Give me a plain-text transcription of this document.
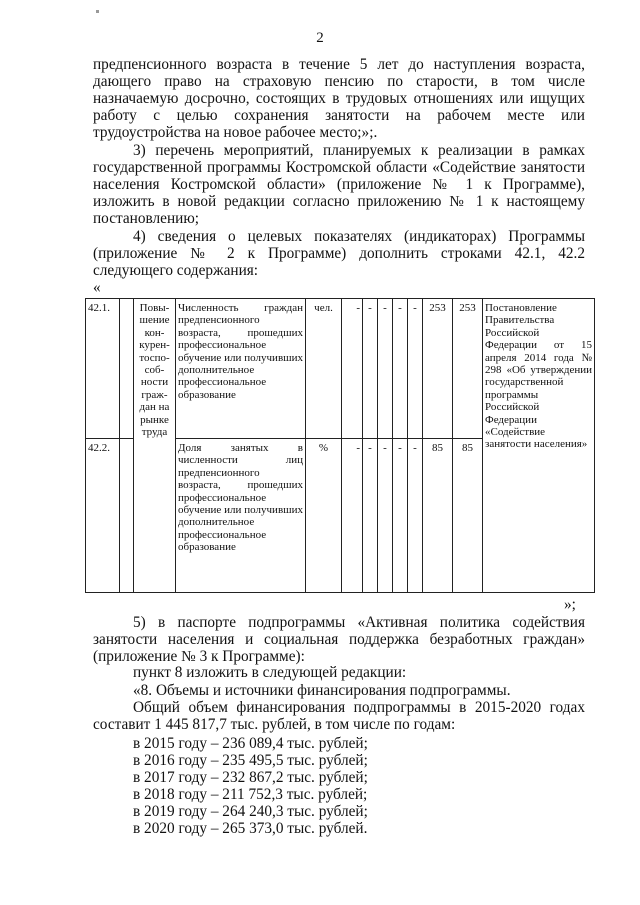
2

предпенсионного возраста в течение 5 лет до наступления возраста, дающего право на страховую пенсию по старости, в том числе назначаемую досрочно, состоящих в трудовых отношениях или ищущих работу с целью сохранения занятости на рабочем месте или трудоустройства на новое рабочее место;»;.

3) перечень мероприятий, планируемых к реализации в рамках государственной программы Костромской области «Содействие занятости населения Костромской области» (приложение № 1 к Программе), изложить в новой редакции согласно приложению № 1 к настоящему постановлению;

4) сведения о целевых показателях (индикаторах) Программы (приложение № 2 к Программе) дополнить строками 42.1, 42.2 следующего содержания:

«
42.1.		Повы-шение кон-курен-тоспо-соб-ности граж-дан на рынке труда	Численность граждан предпенсионного возраста, прошедших профессиональное обучение или получивших дополнительное профессиональное образование	чел.	-	-	-	-	-	253	253	Постановление Правительства Российской Федерации от 15 апреля 2014 года № 298 «Об утверждении государственной программы Российской Федерации «Содействие занятости населения»
42.2.			Доля занятых в численности лиц предпенсионного возраста, прошедших профессиональное обучение или получивших дополнительное профессиональное образование	%	-	-	-	-	-	85	85	
»;

5) в паспорте подпрограммы «Активная политика содействия занятости населения и социальная поддержка безработных граждан» (приложение № 3 к Программе):

пункт 8 изложить в следующей редакции:
«8. Объемы и источники финансирования подпрограммы.

Общий объем финансирования подпрограммы в 2015-2020 годах составит 1 445 817,7 тыс. рублей, в том числе по годам:

в 2015 году – 236 089,4 тыс. рублей;
в 2016 году – 235 495,5 тыс. рублей;
в 2017 году – 232 867,2 тыс. рублей;
в 2018 году – 211 752,3 тыс. рублей;
в 2019 году – 264 240,3 тыс. рублей;
в 2020 году – 265 373,0 тыс. рублей.
